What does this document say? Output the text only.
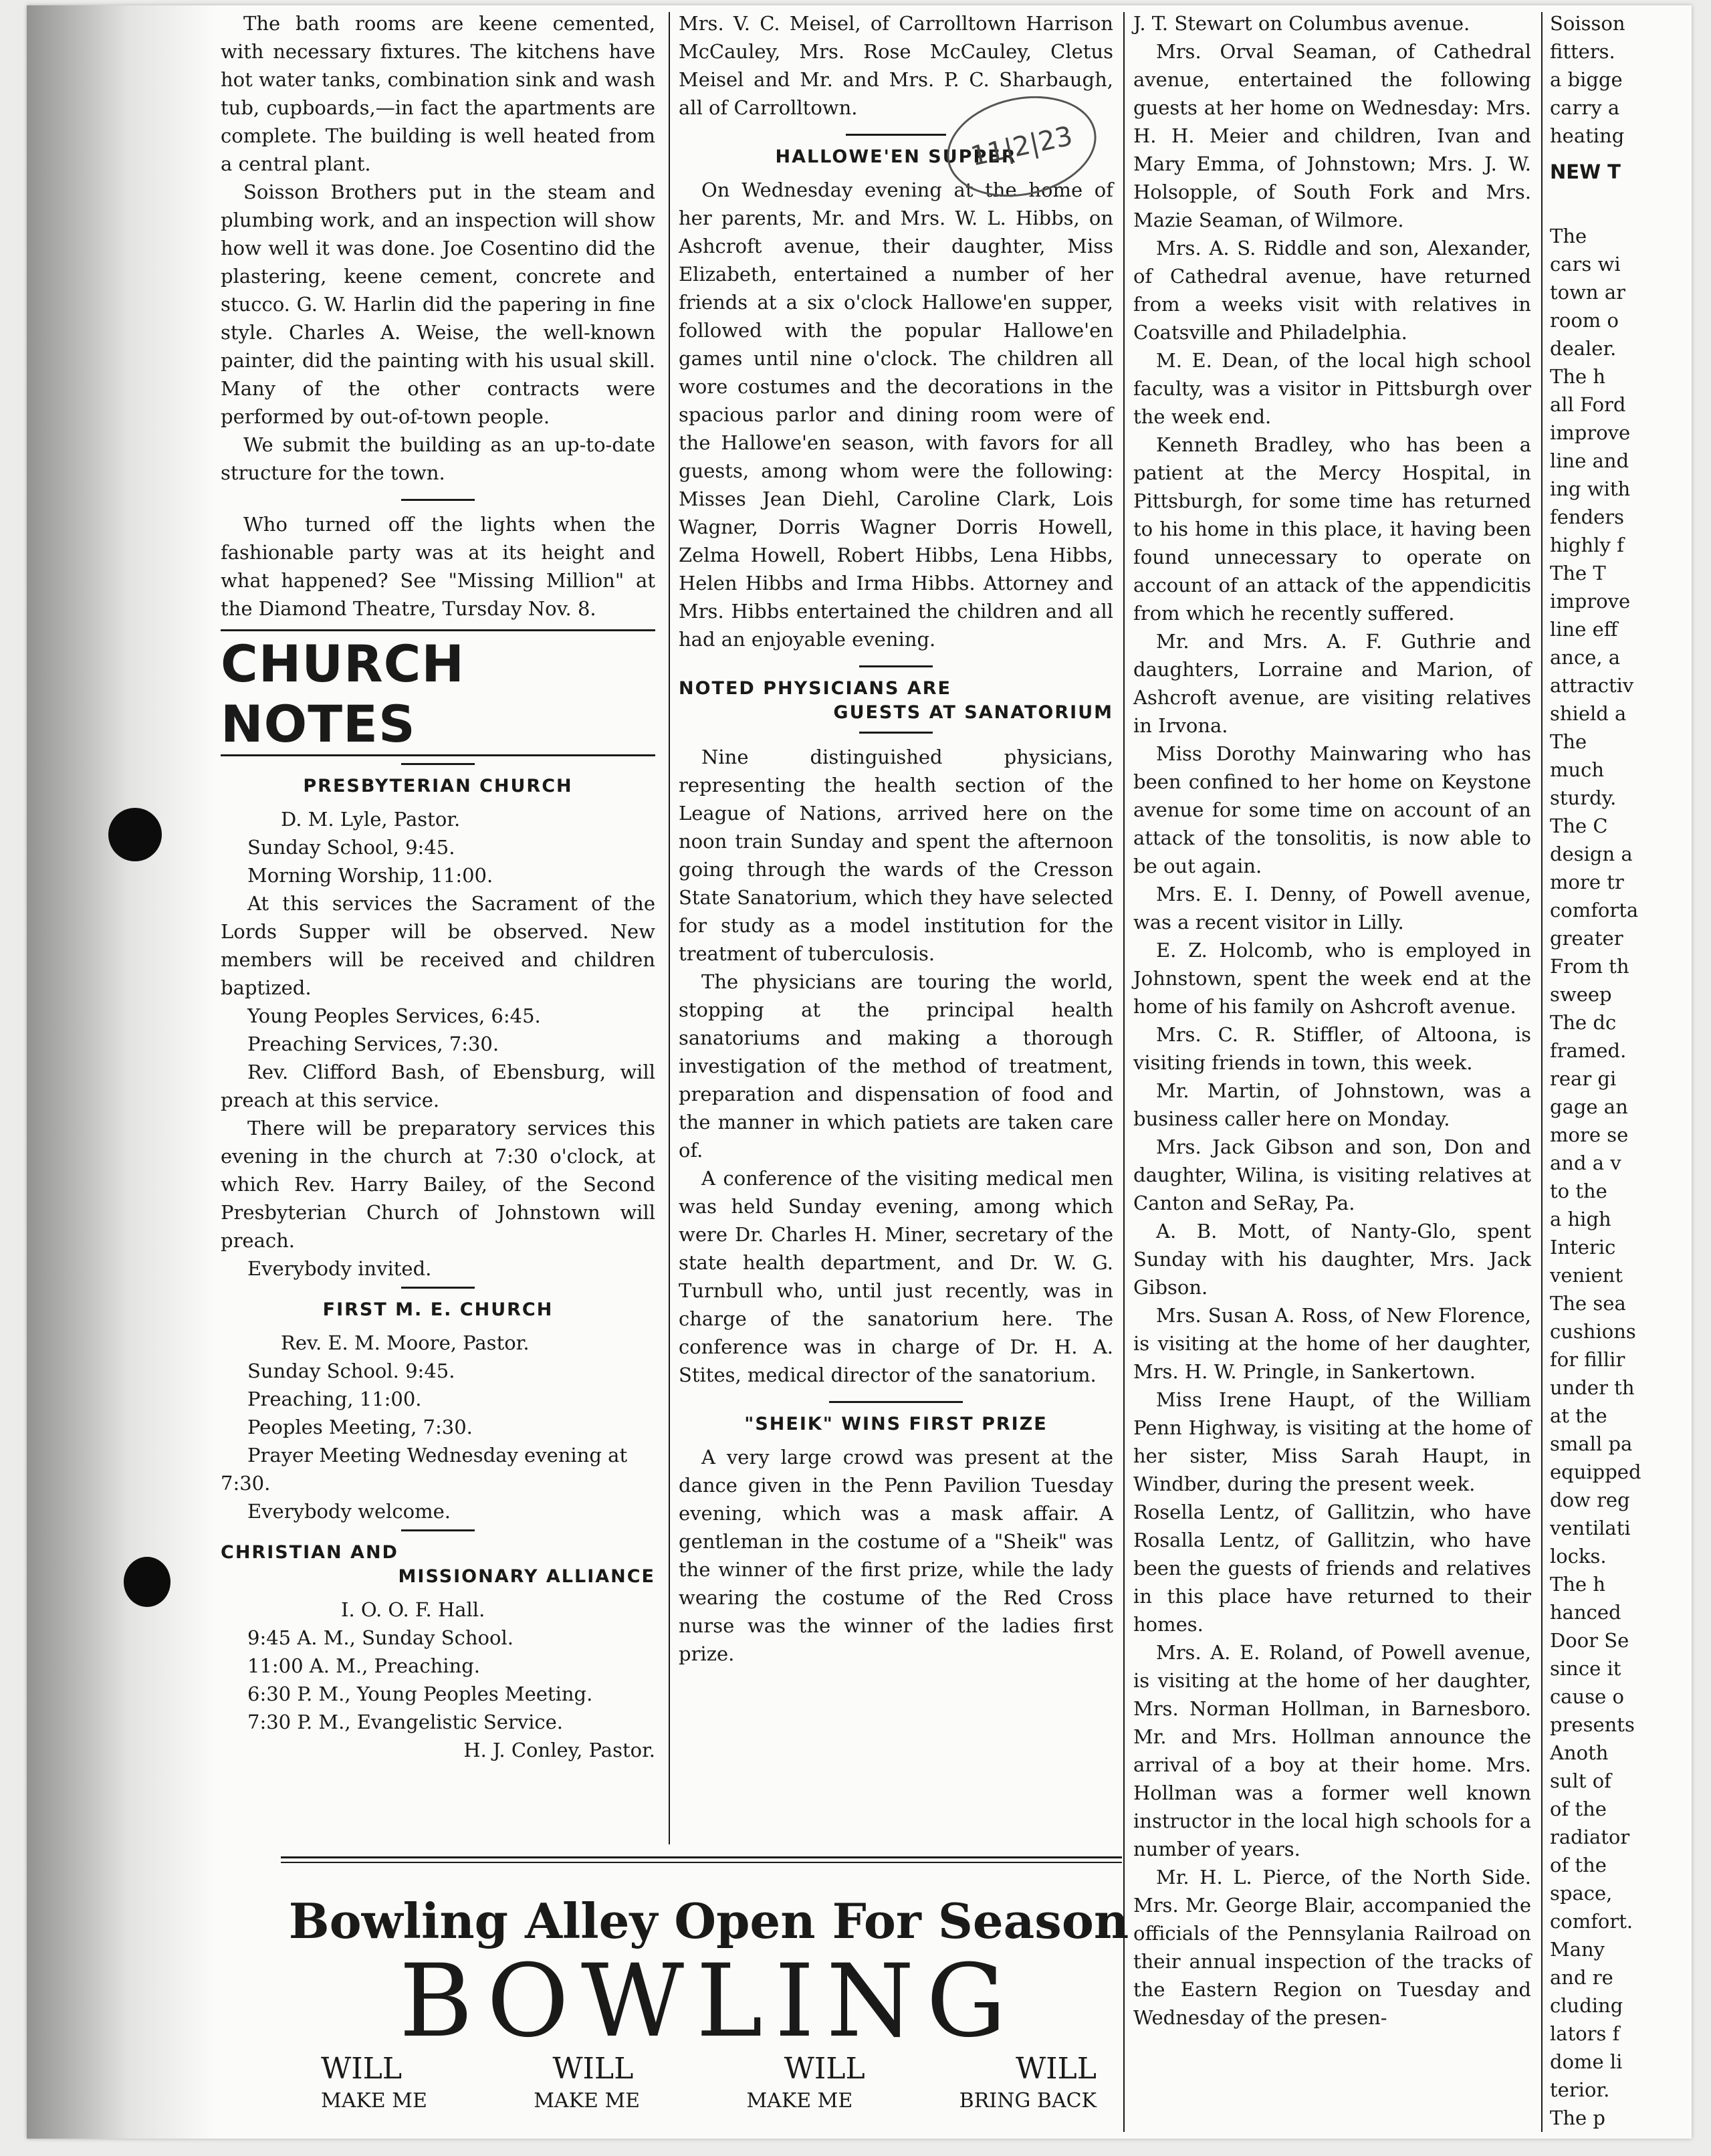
The bath rooms are keene cemented, with necessary fixtures. The kitchens have hot water tanks, combination sink and wash tub, cupboards,—in fact the apartments are complete. The building is well heated from a central plant.

Soisson Brothers put in the steam and plumbing work, and an inspection will show how well it was done. Joe Cosentino did the plastering, keene cement, concrete and stucco. G. W. Harlin did the papering in fine style. Charles A. Weise, the well-known painter, did the painting with his usual skill. Many of the other contracts were performed by out-of-town people.

We submit the building as an up-to-date structure for the town.

Who turned off the lights when the fashionable party was at its height and what happened? See "Missing Million" at the Diamond Theatre, Tursday Nov. 8.

CHURCH NOTES
PRESBYTERIAN CHURCH

D. M. Lyle, Pastor.

Sunday School, 9:45.

Morning Worship, 11:00.

At this services the Sacrament of the Lords Supper will be observed. New members will be received and children baptized.

Young Peoples Services, 6:45.

Preaching Services, 7:30.

Rev. Clifford Bash, of Ebensburg, will preach at this service.

There will be preparatory services this evening in the church at 7:30 o'clock, at which Rev. Harry Bailey, of the Second Presbyterian Church of Johnstown will preach.

Everybody invited.

FIRST M. E. CHURCH

Rev. E. M. Moore, Pastor.

Sunday School. 9:45.

Preaching, 11:00.

Peoples Meeting, 7:30.

Prayer Meeting Wednesday evening at 7:30.

Everybody welcome.

CHRISTIAN AND
MISSIONARY ALLIANCE

I. O. O. F. Hall.

9:45 A. M., Sunday School.

11:00 A. M., Preaching.

6:30 P. M., Young Peoples Meeting.

7:30 P. M., Evangelistic Service.

H. J. Conley, Pastor.

Mrs. V. C. Meisel, of Carrolltown Harrison McCauley, Mrs. Rose McCauley, Cletus Meisel and Mr. and Mrs. P. C. Sharbaugh, all of Carrolltown.

HALLOWE'EN SUPPER

On Wednesday evening at the home of her parents, Mr. and Mrs. W. L. Hibbs, on Ashcroft avenue, their daughter, Miss Elizabeth, entertained a number of her friends at a six o'clock Hallowe'en supper, followed with the popular Hallowe'en games until nine o'clock. The children all wore costumes and the decorations in the spacious parlor and dining room were of the Hallowe'en season, with favors for all guests, among whom were the following: Misses Jean Diehl, Caroline Clark, Lois Wagner, Dorris Wagner Dorris Howell, Zelma Howell, Robert Hibbs, Lena Hibbs, Helen Hibbs and Irma Hibbs. Attorney and Mrs. Hibbs entertained the children and all had an enjoyable evening.

NOTED PHYSICIANS ARE
GUESTS AT SANATORIUM

Nine distinguished physicians, representing the health section of the League of Nations, arrived here on the noon train Sunday and spent the afternoon going through the wards of the Cresson State Sanatorium, which they have selected for study as a model institution for the treatment of tuberculosis.

The physicians are touring the world, stopping at the principal health sanatoriums and making a thorough investigation of the method of treatment, preparation and dispensation of food and the manner in which patiets are taken care of.

A conference of the visiting medical men was held Sunday evening, among which were Dr. Charles H. Miner, secretary of the state health department, and Dr. W. G. Turnbull who, until just recently, was in charge of the sanatorium here. The conference was in charge of Dr. H. A. Stites, medical director of the sanatorium.

"SHEIK" WINS FIRST PRIZE

A very large crowd was present at the dance given in the Penn Pavilion Tuesday evening, which was a mask affair. A gentleman in the costume of a "Sheik" was the winner of the first prize, while the lady wearing the costume of the Red Cross nurse was the winner of the ladies first prize.

11|2|23

J. T. Stewart on Columbus avenue.

Mrs. Orval Seaman, of Cathedral avenue, entertained the following guests at her home on Wednesday: Mrs. H. H. Meier and children, Ivan and Mary Emma, of Johnstown; Mrs. J. W. Holsopple, of South Fork and Mrs. Mazie Seaman, of Wilmore.

Mrs. A. S. Riddle and son, Alexander, of Cathedral avenue, have returned from a weeks visit with relatives in Coatsville and Philadelphia.

M. E. Dean, of the local high school faculty, was a visitor in Pittsburgh over the week end.

Kenneth Bradley, who has been a patient at the Mercy Hospital, in Pittsburgh, for some time has returned to his home in this place, it having been found unnecessary to operate on account of an attack of the appendicitis from which he recently suffered.

Mr. and Mrs. A. F. Guthrie and daughters, Lorraine and Marion, of Ashcroft avenue, are visiting relatives in Irvona.

Miss Dorothy Mainwaring who has been confined to her home on Keystone avenue for some time on account of an attack of the tonsolitis, is now able to be out again.

Mrs. E. I. Denny, of Powell avenue, was a recent visitor in Lilly.

E. Z. Holcomb, who is employed in Johnstown, spent the week end at the home of his family on Ashcroft avenue.

Mrs. C. R. Stiffler, of Altoona, is visiting friends in town, this week.

Mr. Martin, of Johnstown, was a business caller here on Monday.

Mrs. Jack Gibson and son, Don and daughter, Wilina, is visiting relatives at Canton and SeRay, Pa.

A. B. Mott, of Nanty-Glo, spent Sunday with his daughter, Mrs. Jack Gibson.

Mrs. Susan A. Ross, of New Florence, is visiting at the home of her daughter, Mrs. H. W. Pringle, in Sankertown.

Miss Irene Haupt, of the William Penn Highway, is visiting at the home of her sister, Miss Sarah Haupt, in Windber, during the present week.

Rosella Lentz, of Gallitzin, who have Rosalla Lentz, of Gallitzin, who have been the guests of friends and relatives in this place have returned to their homes.

Mrs. A. E. Roland, of Powell avenue, is visiting at the home of her daughter, Mrs. Norman Hollman, in Barnesboro. Mr. and Mrs. Hollman announce the arrival of a boy at their home. Mrs. Hollman was a former well known instructor in the local high schools for a number of years.

Mr. H. L. Pierce, of the North Side. Mrs. Mr. George Blair, accompanied the officials of the Pennsylania Railroad on their annual inspection of the tracks of the Eastern Region on Tuesday and Wednesday of the presen-

Soisson
fitters.
a bigge
carry a
heating
NEW T

The
cars wi
town ar
room o
dealer.
The h
all Ford
improve
line and
ing with
fenders
highly f
The T
improve
line eff
ance, a
attractiv
shield a
The
much
sturdy.
The C
design a
more tr
comforta
greater
From th
sweep
The dc
framed.
rear gi
gage an
more se
and a v
to the
a high
Interic
venient
The sea
cushions
for fillir
under th
at the
small pa
equipped
dow reg
ventilati
locks.
The h
hanced
Door Se
since it
cause o
presents
Anoth
sult of
of the
radiator
of the
space,
comfort.
Many
and re
cluding
lators f
dome li
terior.
The p
Bowling Alley Open For Season
BOWLING
WILL	WILL	WILL	WILL
MAKE ME	MAKE ME	MAKE ME	BRING BACK
